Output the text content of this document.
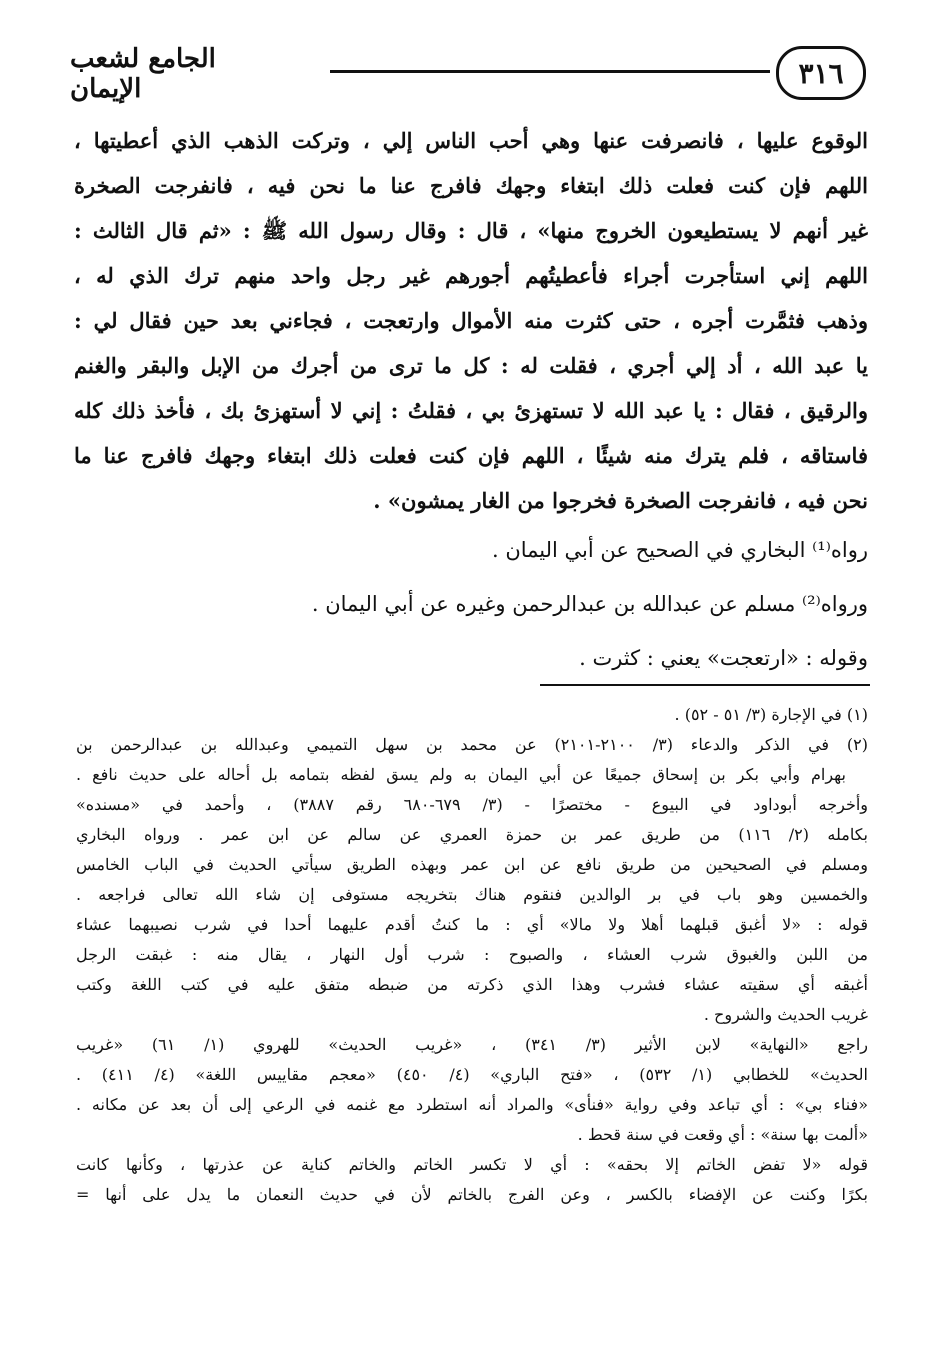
٣١٦
الجامع لشعب الإيمان
الوقوع عليها ، فانصرفت عنها وهي أحب الناس إلي ، وتركت الذهب الذي أعطيتها ،
اللهم فإن كنت فعلت ذلك ابتغاء وجهك فافرج عنا ما نحن فيه ، فانفرجت الصخرة
غير أنهم لا يستطيعون الخروج منها» ، قال : وقال رسول الله ﷺ : «ثم قال الثالث :
اللهم إني استأجرت أجراء فأعطيتُهم أجورهم غير رجل واحد منهم ترك الذي له ،
وذهب فثمَّرت أجره ، حتى كثرت منه الأموال وارتعجت ، فجاءني بعد حين فقال لي :
يا عبد الله ، أد إلي أجري ، فقلت له : كل ما ترى من أجرك من الإبل والبقر والغنم
والرقيق ، فقال : يا عبد الله لا تستهزئ بي ، فقلتُ : إني لا أستهزئ بك ، فأخذ ذلك كله
فاستاقه ، فلم يترك منه شيئًا ، اللهم فإن كنت فعلت ذلك ابتغاء وجهك فافرج عنا ما
نحن فيه ، فانفرجت الصخرة فخرجوا من الغار يمشون» .
رواه⁽¹⁾ البخاري في الصحيح عن أبي اليمان .
ورواه⁽²⁾ مسلم عن عبدالله بن عبدالرحمن وغيره عن أبي اليمان .
وقوله : «ارتعجت» يعني : كثرت .
(١) في الإجارة (٣/ ٥١ - ٥٢) .
(٢) في الذكر والدعاء (٣/ ٢١٠٠-٢١٠١) عن محمد بن سهل التميمي وعبدالله بن عبدالرحمن بن
بهرام وأبي بكر بن إسحاق جميعًا عن أبي اليمان به ولم يسق لفظه بتمامه بل أحاله على حديث نافع .
وأخرجه أبوداود في البيوع - مختصرًا - (٣/ ٦٧٩-٦٨٠ رقم ٣٨٨٧) ، وأحمد في «مسنده»
بكامله (٢/ ١١٦) من طريق عمر بن حمزة العمري عن سالم عن ابن عمر . ورواه البخاري
ومسلم في الصحيحين من طريق نافع عن ابن عمر وبهذه الطريق سيأتي الحديث في الباب الخامس
والخمسين وهو باب في بر الوالدين فنقوم هناك بتخريجه مستوفى إن شاء الله تعالى فراجعه .
قوله : «لا أغبق قبلهما أهلا ولا مالا» أي : ما كنتُ أقدم عليهما أحدا في شرب نصيبهما عشاء
من اللبن والغبوق شرب العشاء ، والصبوح : شرب أول النهار ، يقال منه : غبقت الرجل
أغبقه أي سقيته عشاء فشرب وهذا الذي ذكرته من ضبطه متفق عليه في كتب اللغة وكتب
غريب الحديث والشروح .
راجع «النهاية» لابن الأثير (٣/ ٣٤١) ، «غريب الحديث» للهروي (١/ ٦١) «غريب
الحديث» للخطابي (١/ ٥٣٢) ، «فتح الباري» (٤/ ٤٥٠) «معجم مقاييس اللغة» (٤/ ٤١١) .
«فناء بي» : أي تباعد وفي رواية «فنأى» والمراد أنه استطرد مع غنمه في الرعي إلى أن بعد عن مكانه .
«ألمت بها سنة» : أي وقعت في سنة قحط .
قوله «لا تفض الخاتم إلا بحقه» : أي لا تكسر الخاتم والخاتم كناية عن عذرتها ، وكأنها كانت
بكرًا وكنت عن الإفضاء بالكسر ، وعن الفرج بالخاتم لأن في حديث النعمان ما يدل على أنها =
